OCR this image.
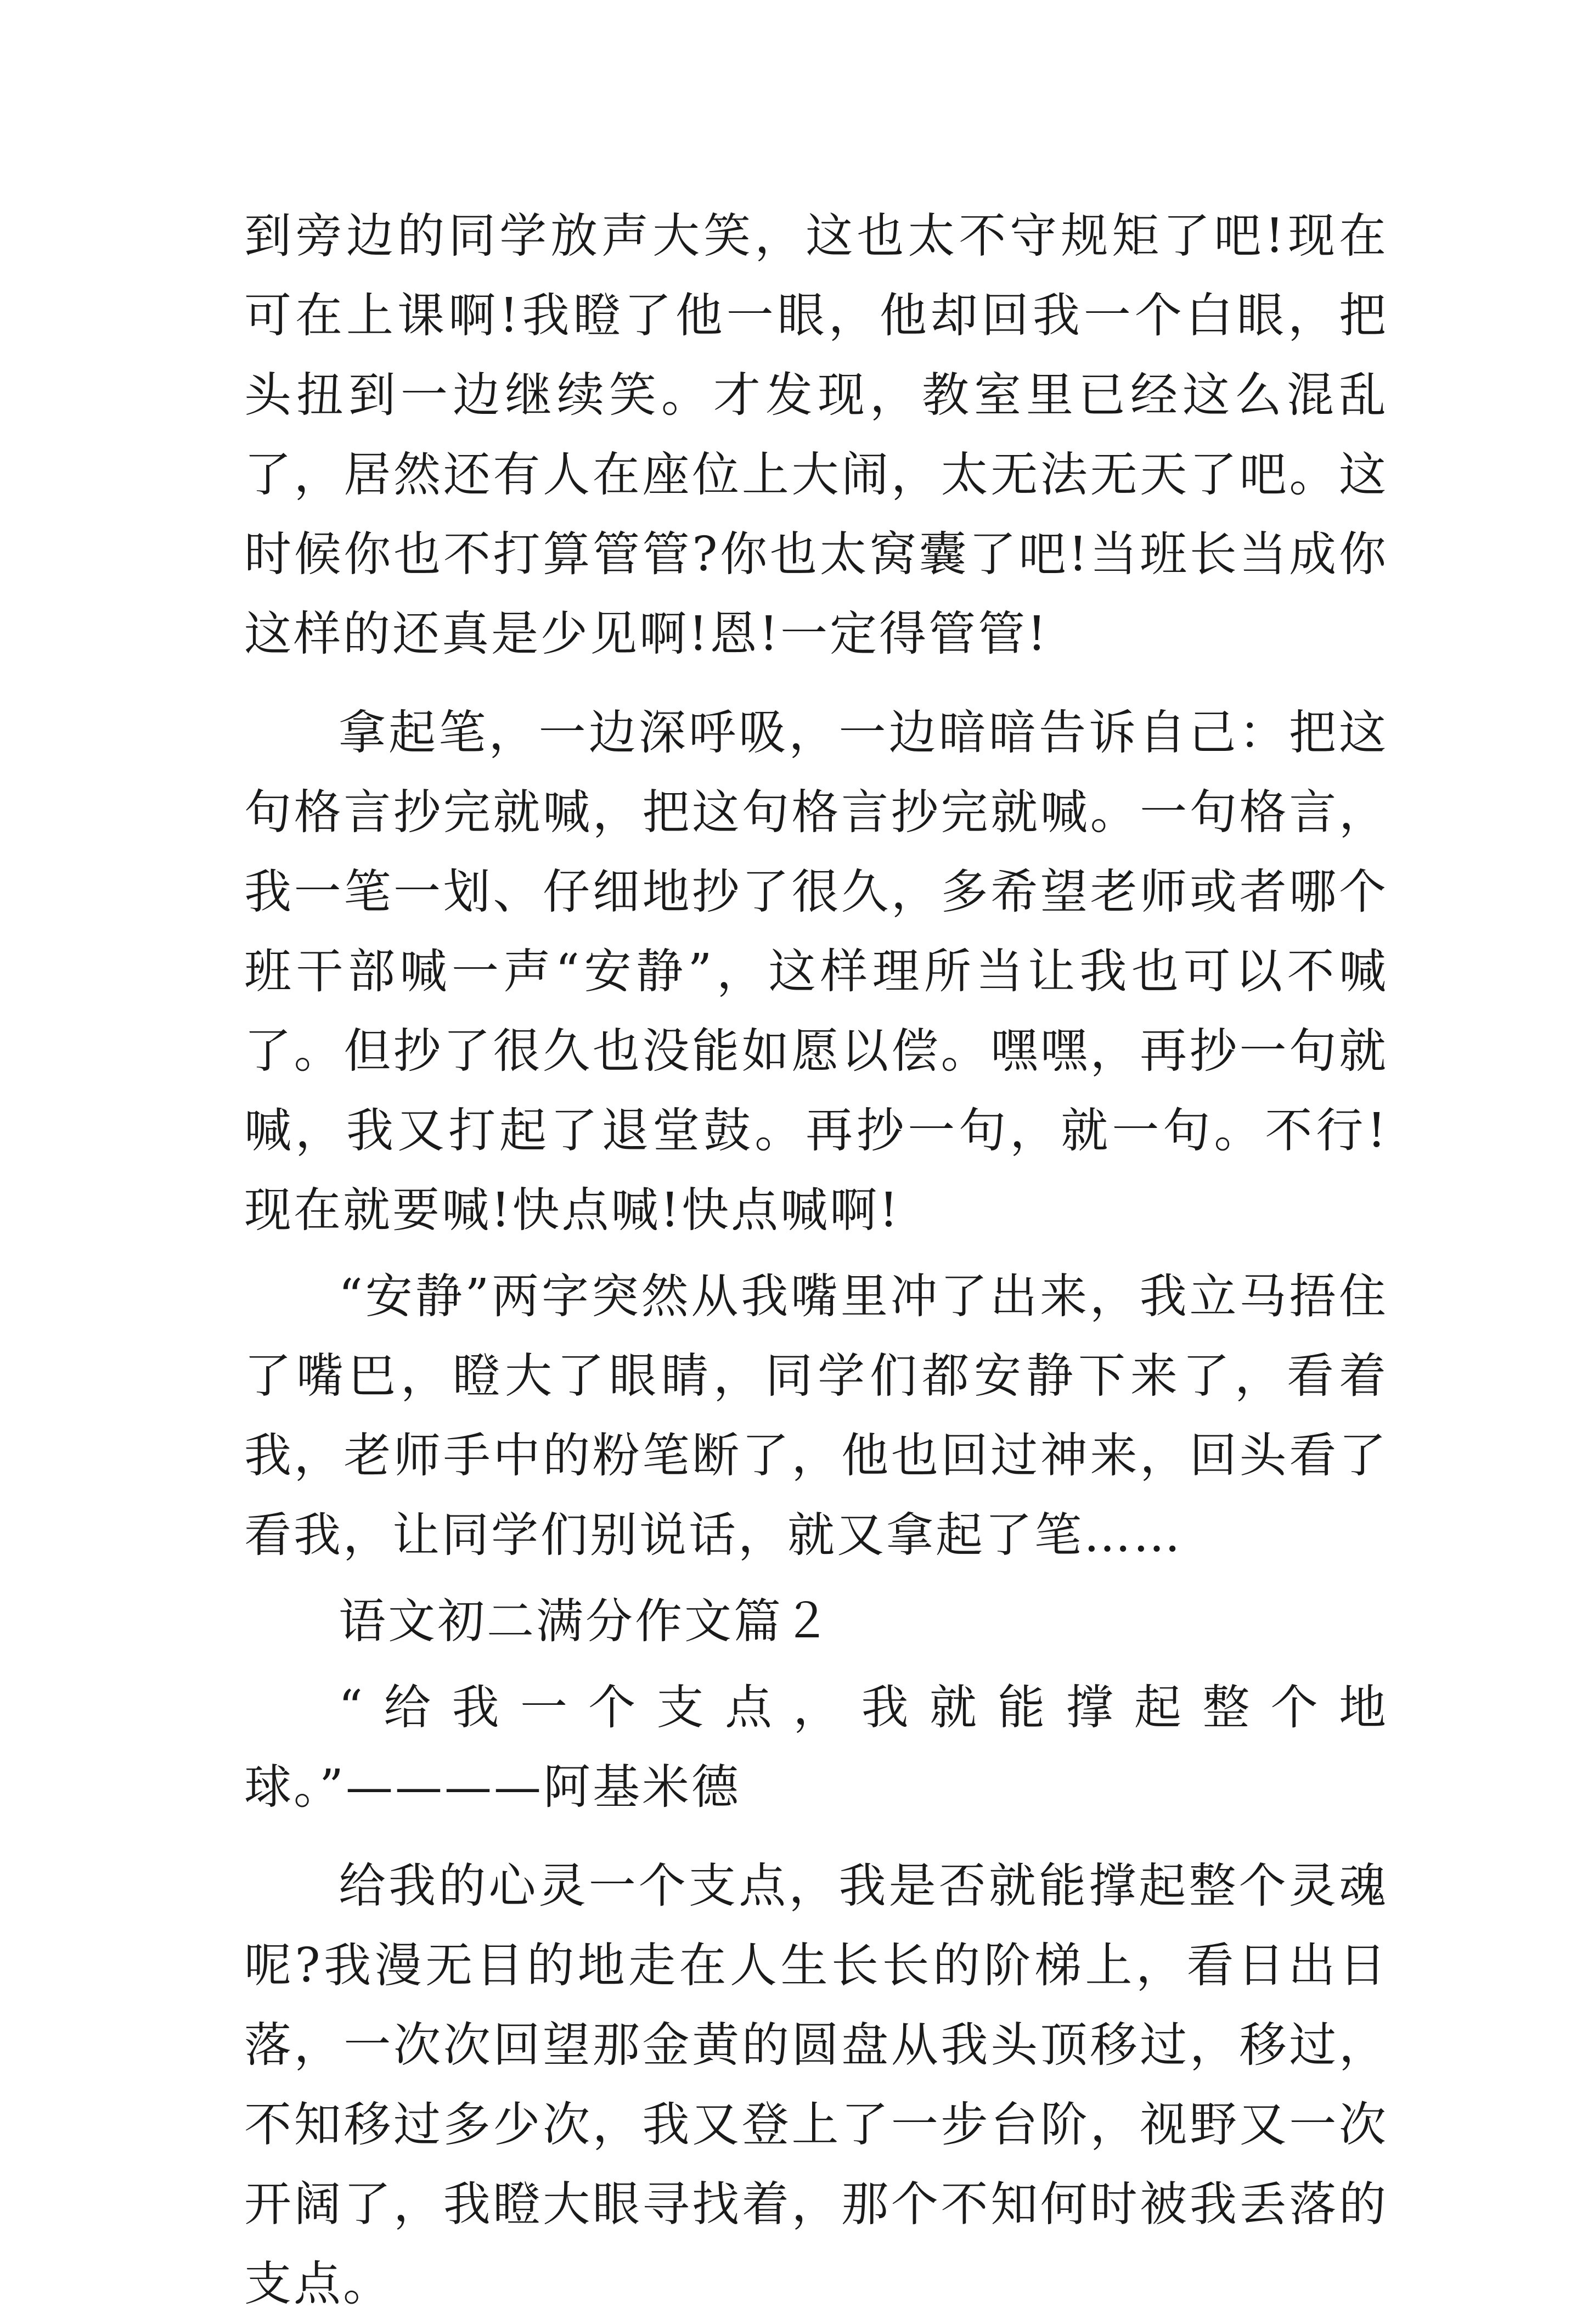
到旁边的同学放声大笑，这也太不守规矩了吧!现在可在上课啊!我瞪了他一眼，他却回我一个白眼，把头扭到一边继续笑。才发现，教室里已经这么混乱了，居然还有人在座位上大闹，太无法无天了吧。这时候你也不打算管管?你也太窝囊了吧!当班长当成你这样的还真是少见啊!恩!一定得管管!

拿起笔，一边深呼吸，一边暗暗告诉自己：把这句格言抄完就喊，把这句格言抄完就喊。一句格言，我一笔一划、仔细地抄了很久，多希望老师或者哪个班干部喊一声“安静”，这样理所当让我也可以不喊了。但抄了很久也没能如愿以偿。嘿嘿，再抄一句就喊，我又打起了退堂鼓。再抄一句，就一句。不行!现在就要喊!快点喊!快点喊啊!

“安静”两字突然从我嘴里冲了出来，我立马捂住了嘴巴，瞪大了眼睛，同学们都安静下来了，看着我，老师手中的粉笔断了，他也回过神来，回头看了看我，让同学们别说话，就又拿起了笔……

语文初二满分作文篇２

“给我一个支点，我就能撑起整个地球。”————阿基米德

给我的心灵一个支点，我是否就能撑起整个灵魂呢?我漫无目的地走在人生长长的阶梯上，看日出日落，一次次回望那金黄的圆盘从我头顶移过，移过，不知移过多少次，我又登上了一步台阶，视野又一次开阔了，我瞪大眼寻找着，那个不知何时被我丢落的支点。
